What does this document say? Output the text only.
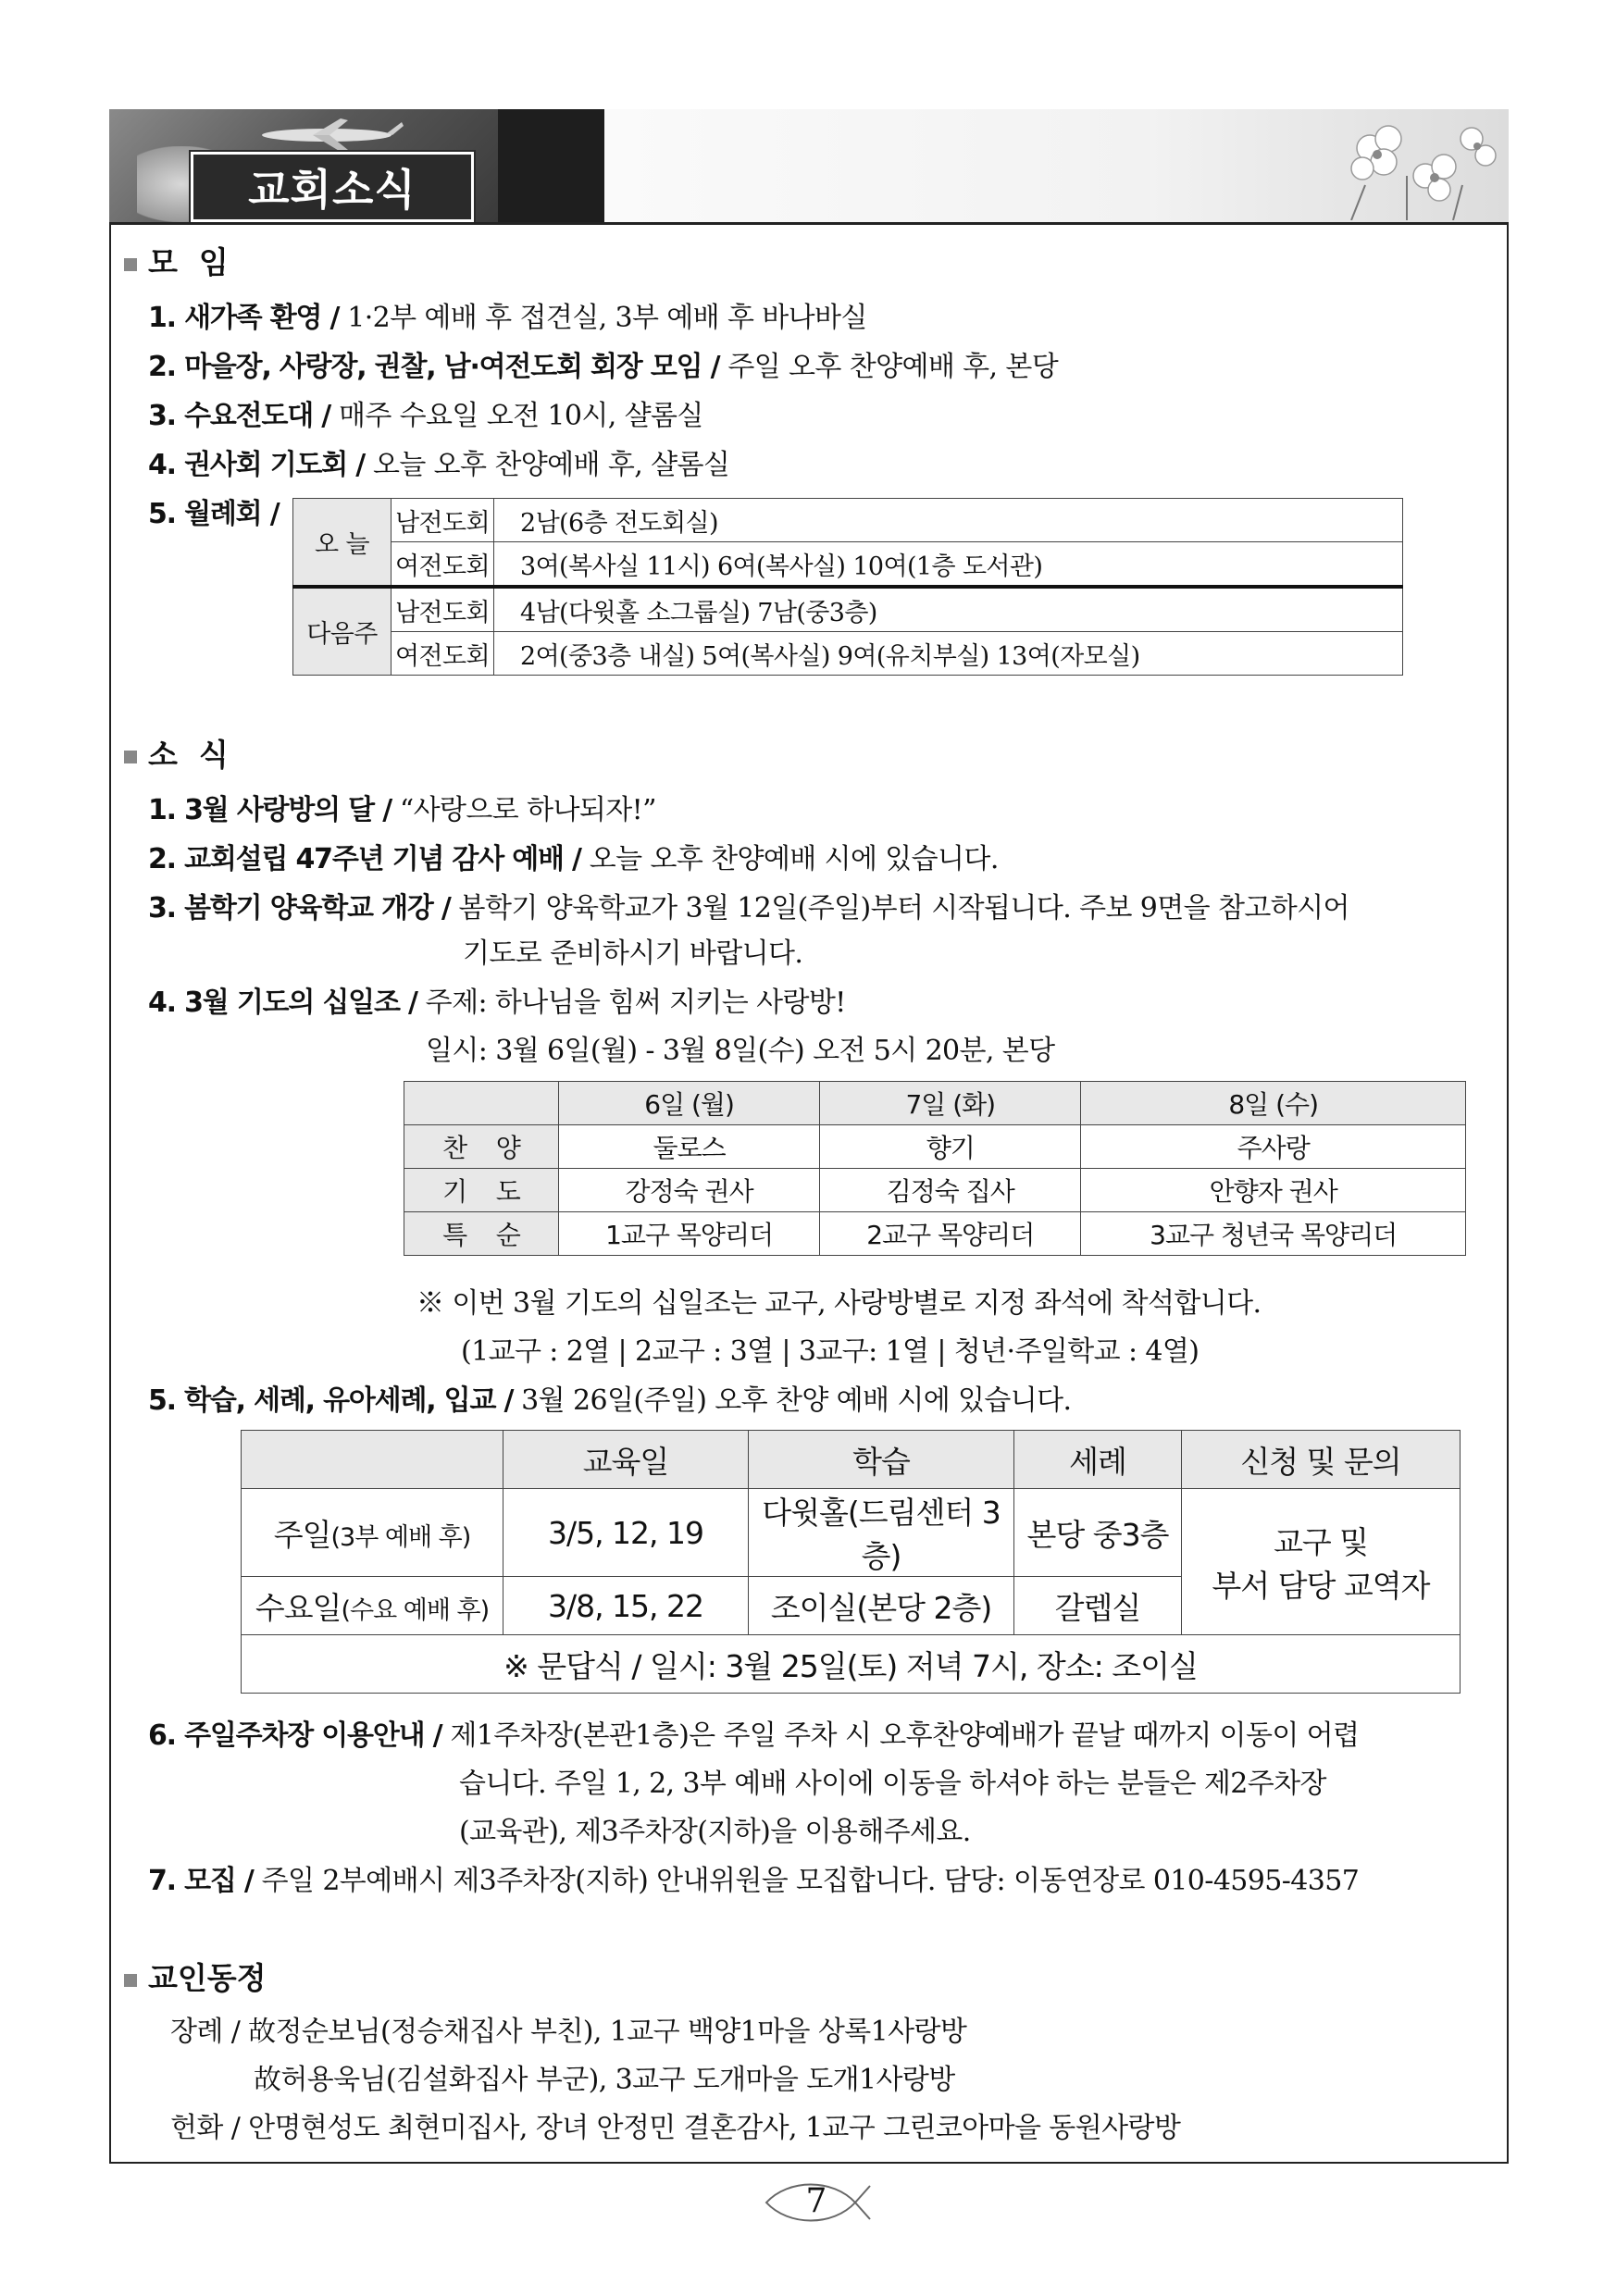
교회소식
모  임
1. 새가족 환영 / 1·2부 예배 후 접견실, 3부 예배 후 바나바실
2. 마을장, 사랑장, 권찰, 남·여전도회 회장 모임 / 주일 오후 찬양예배 후, 본당
3. 수요전도대 / 매주 수요일 오전 10시, 샬롬실
4. 권사회 기도회 / 오늘 오후 찬양예배 후, 샬롬실
5. 월례회 /
오 늘	남전도회	2남(6층 전도회실)
	여전도회	3여(복사실 11시) 6여(복사실) 10여(1층 도서관)
다음주	남전도회	4남(다윗홀 소그룹실) 7남(중3층)
	여전도회	2여(중3층 내실) 5여(복사실) 9여(유치부실) 13여(자모실)
소  식
1. 3월 사랑방의 달 / “사랑으로 하나되자!”
2. 교회설립 47주년 기념 감사 예배 / 오늘 오후 찬양예배 시에 있습니다.
3. 봄학기 양육학교 개강 / 봄학기 양육학교가 3월 12일(주일)부터 시작됩니다. 주보 9면을 참고하시어
기도로 준비하시기 바랍니다.
4. 3월 기도의 십일조 / 주제: 하나님을 힘써 지키는 사랑방!
일시: 3월 6일(월) - 3월 8일(수) 오전 5시 20분, 본당
	6일 (월)	7일 (화)	8일 (수)
찬    양	둘로스	향기	주사랑
기    도	강정숙 권사	김정숙 집사	안향자 권사
특    순	1교구 목양리더	2교구 목양리더	3교구 청년국 목양리더
※ 이번 3월 기도의 십일조는 교구, 사랑방별로 지정 좌석에 착석합니다.
(1교구 : 2열 | 2교구 : 3열 | 3교구: 1열 | 청년·주일학교 : 4열)
5. 학습, 세례, 유아세례, 입교 / 3월 26일(주일) 오후 찬양 예배 시에 있습니다.
	교육일	학습	세례	신청 및 문의
주일(3부 예배 후)	3/5, 12, 19	다윗홀(드림센터 3층)	본당 중3층	교구 및
부서 담당 교역자

수요일(수요 예배 후)	3/8, 15, 22	조이실(본당 2층)	갈렙실	
※ 문답식 / 일시: 3월 25일(토) 저녁 7시, 장소: 조이실				
6. 주일주차장 이용안내 / 제1주차장(본관1층)은 주일 주차 시 오후찬양예배가 끝날 때까지 이동이 어렵
습니다. 주일 1, 2, 3부 예배 사이에 이동을 하셔야 하는 분들은 제2주차장
(교육관), 제3주차장(지하)을 이용해주세요.
7. 모집 / 주일 2부예배시 제3주차장(지하) 안내위원을 모집합니다. 담당: 이동연장로 010-4595-4357
교인동정
장례 / 故정순보님(정승채집사 부친), 1교구 백양1마을 상록1사랑방
故허용욱님(김설화집사 부군), 3교구 도개마을 도개1사랑방
헌화 / 안명현성도 최현미집사, 장녀 안정민 결혼감사, 1교구 그린코아마을 동원사랑방
7
